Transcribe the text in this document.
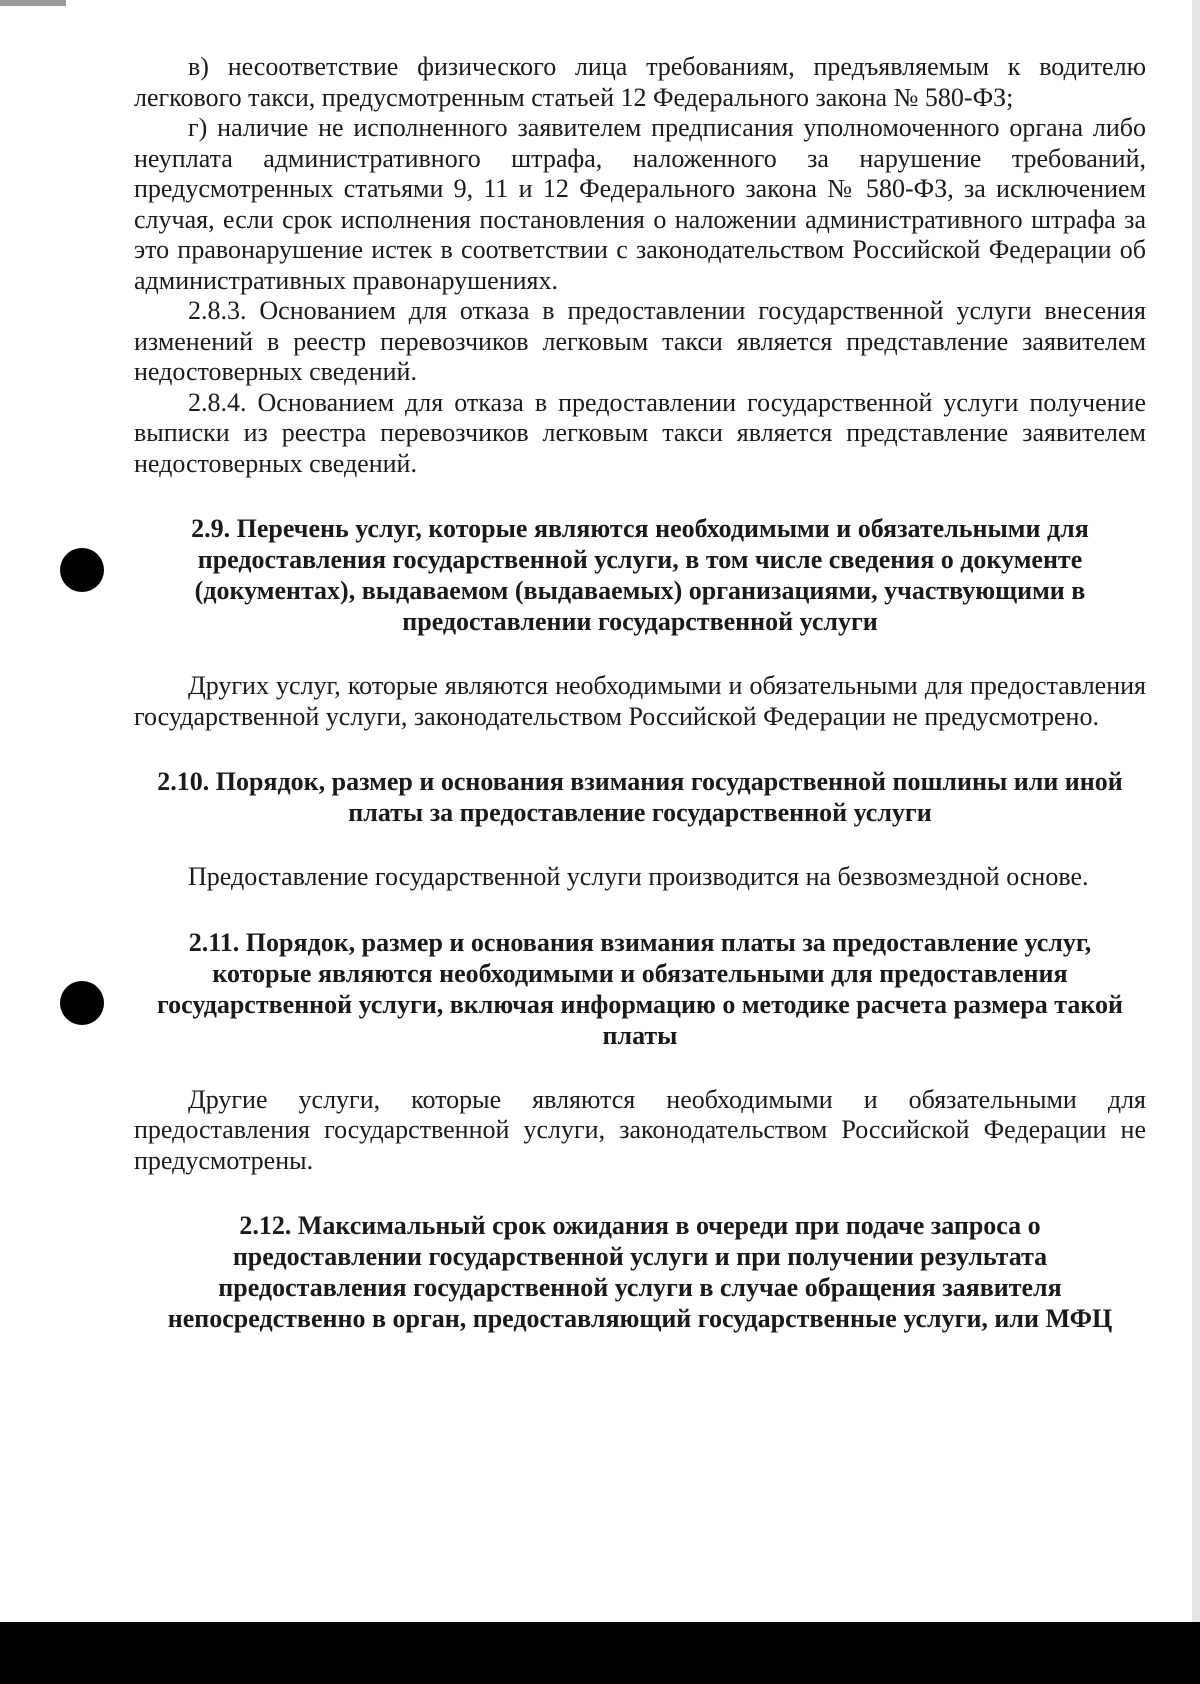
в) несоответствие физического лица требованиям, предъявляемым к водителю легкового такси, предусмотренным статьей 12 Федерального закона № 580-ФЗ;

г) наличие не исполненного заявителем предписания уполномоченного органа либо неуплата административного штрафа, наложенного за нарушение требований, предусмотренных статьями 9, 11 и 12 Федерального закона № 580-ФЗ, за исключением случая, если срок исполнения постановления о наложении административного штрафа за это правонарушение истек в соответствии с законодательством Российской Федерации об административных правонарушениях.

2.8.3. Основанием для отказа в предоставлении государственной услуги внесения изменений в реестр перевозчиков легковым такси является представление заявителем недостоверных сведений.

2.8.4. Основанием для отказа в предоставлении государственной услуги получение выписки из реестра перевозчиков легковым такси является представление заявителем недостоверных сведений.

2.9. Перечень услуг, которые являются необходимыми и обязательными для предоставления государственной услуги, в том числе сведения о документе (документах), выдаваемом (выдаваемых) организациями, участвующими в предоставлении государственной услуги

Других услуг, которые являются необходимыми и обязательными для предоставления государственной услуги, законодательством Российской Федерации не предусмотрено.

2.10. Порядок, размер и основания взимания государственной пошлины или иной платы за предоставление государственной услуги

Предоставление государственной услуги производится на безвозмездной основе.

2.11. Порядок, размер и основания взимания платы за предоставление услуг, которые являются необходимыми и обязательными для предоставления государственной услуги, включая информацию о методике расчета размера такой платы

Другие услуги, которые являются необходимыми и обязательными для предоставления государственной услуги, законодательством Российской Федерации не предусмотрены.

2.12. Максимальный срок ожидания в очереди при подаче запроса о предоставлении государственной услуги и при получении результата предоставления государственной услуги в случае обращения заявителя непосредственно в орган, предоставляющий государственные услуги, или МФЦ
